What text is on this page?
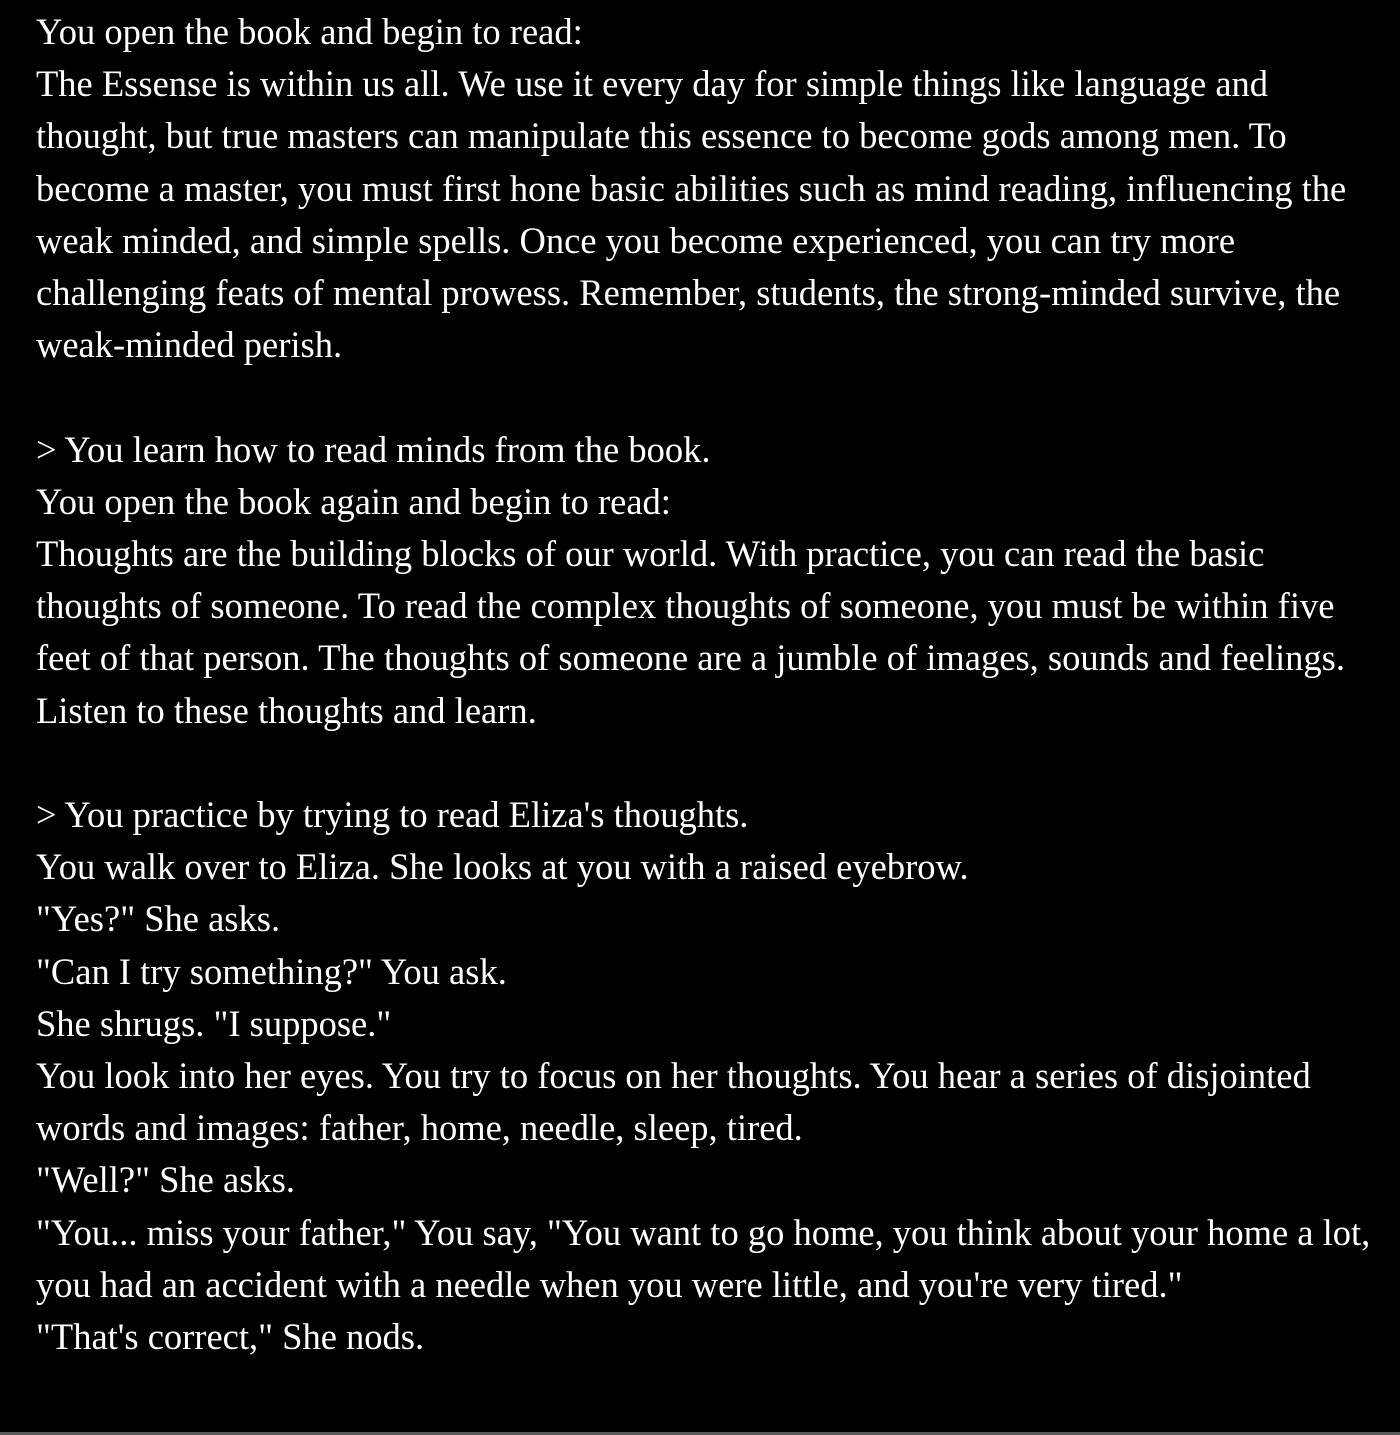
You open the book and begin to read:
The Essense is within us all. We use it every day for simple things like language and thought, but true masters can manipulate this essence to become gods among men. To become a master, you must first hone basic abilities such as mind reading, influencing the weak minded, and simple spells. Once you become experienced, you can try more challenging feats of mental prowess. Remember, students, the strong-minded survive, the weak-minded perish.
> You learn how to read minds from the book.
You open the book again and begin to read:
Thoughts are the building blocks of our world. With practice, you can read the basic thoughts of someone. To read the complex thoughts of someone, you must be within five feet of that person. The thoughts of someone are a jumble of images, sounds and feelings. Listen to these thoughts and learn.
> You practice by trying to read Eliza's thoughts.
You walk over to Eliza. She looks at you with a raised eyebrow.
"Yes?" She asks.
"Can I try something?" You ask.
She shrugs. "I suppose."
You look into her eyes. You try to focus on her thoughts. You hear a series of disjointed words and images: father, home, needle, sleep, tired.
"Well?" She asks.
"You... miss your father," You say, "You want to go home, you think about your home a lot, you had an accident with a needle when you were little, and you're very tired."
"That's correct," She nods.
